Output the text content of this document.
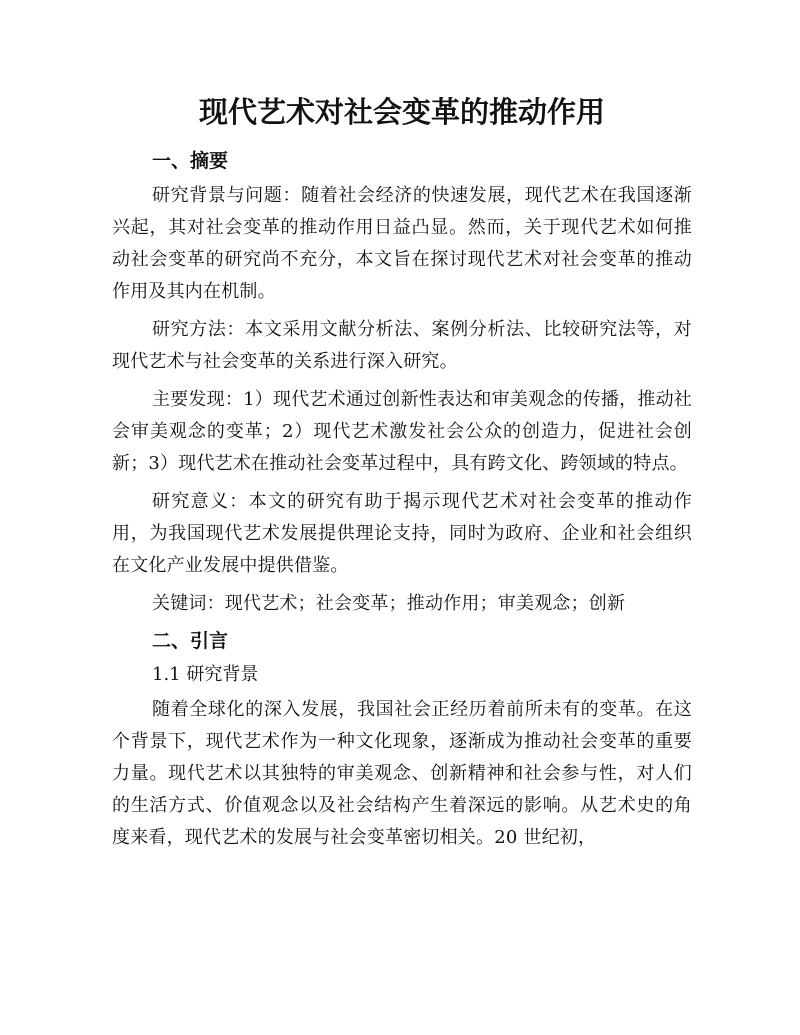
现代艺术对社会变革的推动作用
一、摘要

研究背景与问题：随着社会经济的快速发展，现代艺术在我国逐渐兴起，其对社会变革的推动作用日益凸显。然而，关于现代艺术如何推动社会变革的研究尚不充分，本文旨在探讨现代艺术对社会变革的推动作用及其内在机制。

研究方法：本文采用文献分析法、案例分析法、比较研究法等，对现代艺术与社会变革的关系进行深入研究。

主要发现：1）现代艺术通过创新性表达和审美观念的传播，推动社会审美观念的变革；2）现代艺术激发社会公众的创造力，促进社会创新；3）现代艺术在推动社会变革过程中，具有跨文化、跨领域的特点。

研究意义：本文的研究有助于揭示现代艺术对社会变革的推动作用，为我国现代艺术发展提供理论支持，同时为政府、企业和社会组织在文化产业发展中提供借鉴。

关键词：现代艺术；社会变革；推动作用；审美观念；创新

二、引言
1.1 研究背景

随着全球化的深入发展，我国社会正经历着前所未有的变革。在这个背景下，现代艺术作为一种文化现象，逐渐成为推动社会变革的重要力量。现代艺术以其独特的审美观念、创新精神和社会参与性，对人们的生活方式、价值观念以及社会结构产生着深远的影响。从艺术史的角度来看，现代艺术的发展与社会变革密切相关。20 世纪初，
